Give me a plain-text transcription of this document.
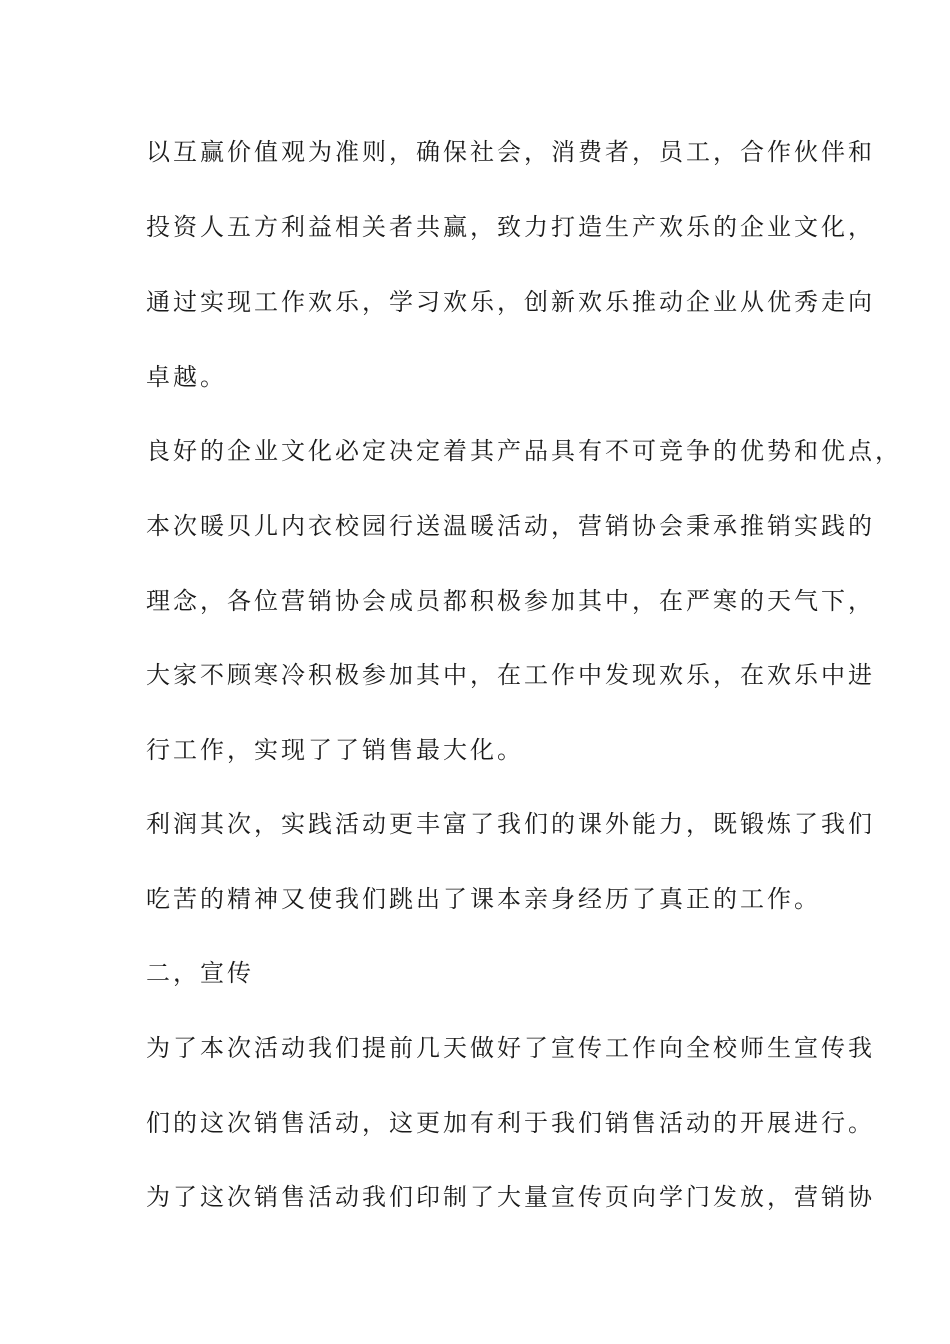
以互赢价值观为准则，确保社会，消费者，员工，合作伙伴和
投资人五方利益相关者共赢，致力打造生产欢乐的企业文化，
通过实现工作欢乐，学习欢乐，创新欢乐推动企业从优秀走向
卓越。
良好的企业文化必定决定着其产品具有不可竞争的优势和优点，
本次暖贝儿内衣校园行送温暖活动，营销协会秉承推销实践的
理念，各位营销协会成员都积极参加其中，在严寒的天气下，
大家不顾寒冷积极参加其中，在工作中发现欢乐，在欢乐中进
行工作，实现了了销售最大化。
利润其次，实践活动更丰富了我们的课外能力，既锻炼了我们
吃苦的精神又使我们跳出了课本亲身经历了真正的工作。
二，宣传
为了本次活动我们提前几天做好了宣传工作向全校师生宣传我
们的这次销售活动，这更加有利于我们销售活动的开展进行。
为了这次销售活动我们印制了大量宣传页向学门发放，营销协
